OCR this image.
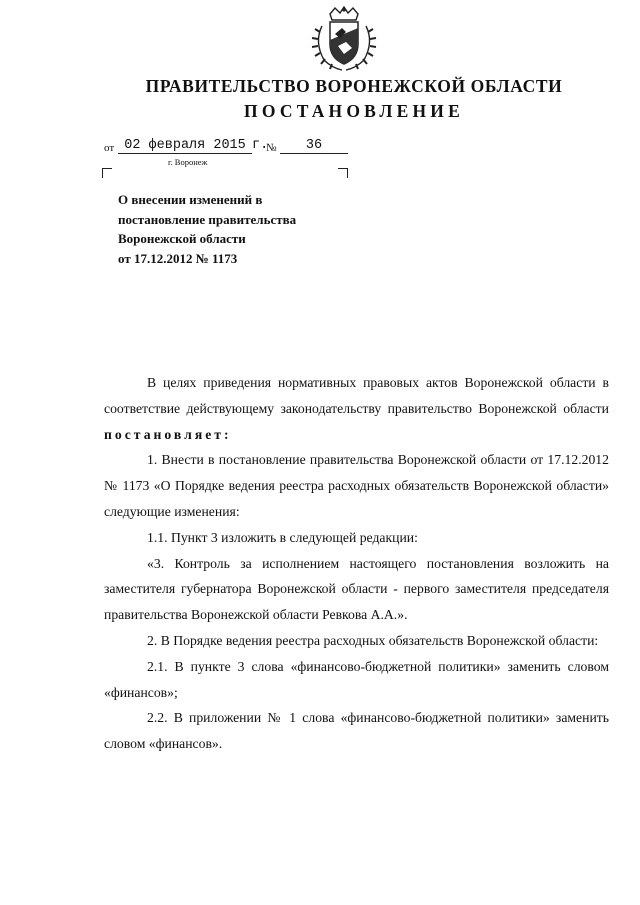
ПРАВИТЕЛЬСТВО ВОРОНЕЖСКОЙ ОБЛАСТИ
ПОСТАНОВЛЕНИЕ
от 02 февраля 2015 г.
№	36
г. Воронеж
О внесении изменений в
постановление правительства
Воронежской области
от 17.12.2012 № 1173

В целях приведения нормативных правовых актов Воронежской области в соответствие действующему законодательству правительство Воронежской области постановляет:

1. Внести в постановление правительства Воронежской области от 17.12.2012 № 1173 «О Порядке ведения реестра расходных обязательств Воронежской области» следующие изменения:

1.1. Пункт 3 изложить в следующей редакции:

«3. Контроль за исполнением настоящего постановления возложить на заместителя губернатора Воронежской области - первого заместителя председателя правительства Воронежской области Ревкова А.А.».

2. В Порядке ведения реестра расходных обязательств Воронежской области:

2.1. В пункте 3 слова «финансово-бюджетной политики» заменить словом «финансов»;

2.2. В приложении № 1 слова «финансово-бюджетной политики» заменить словом «финансов».
